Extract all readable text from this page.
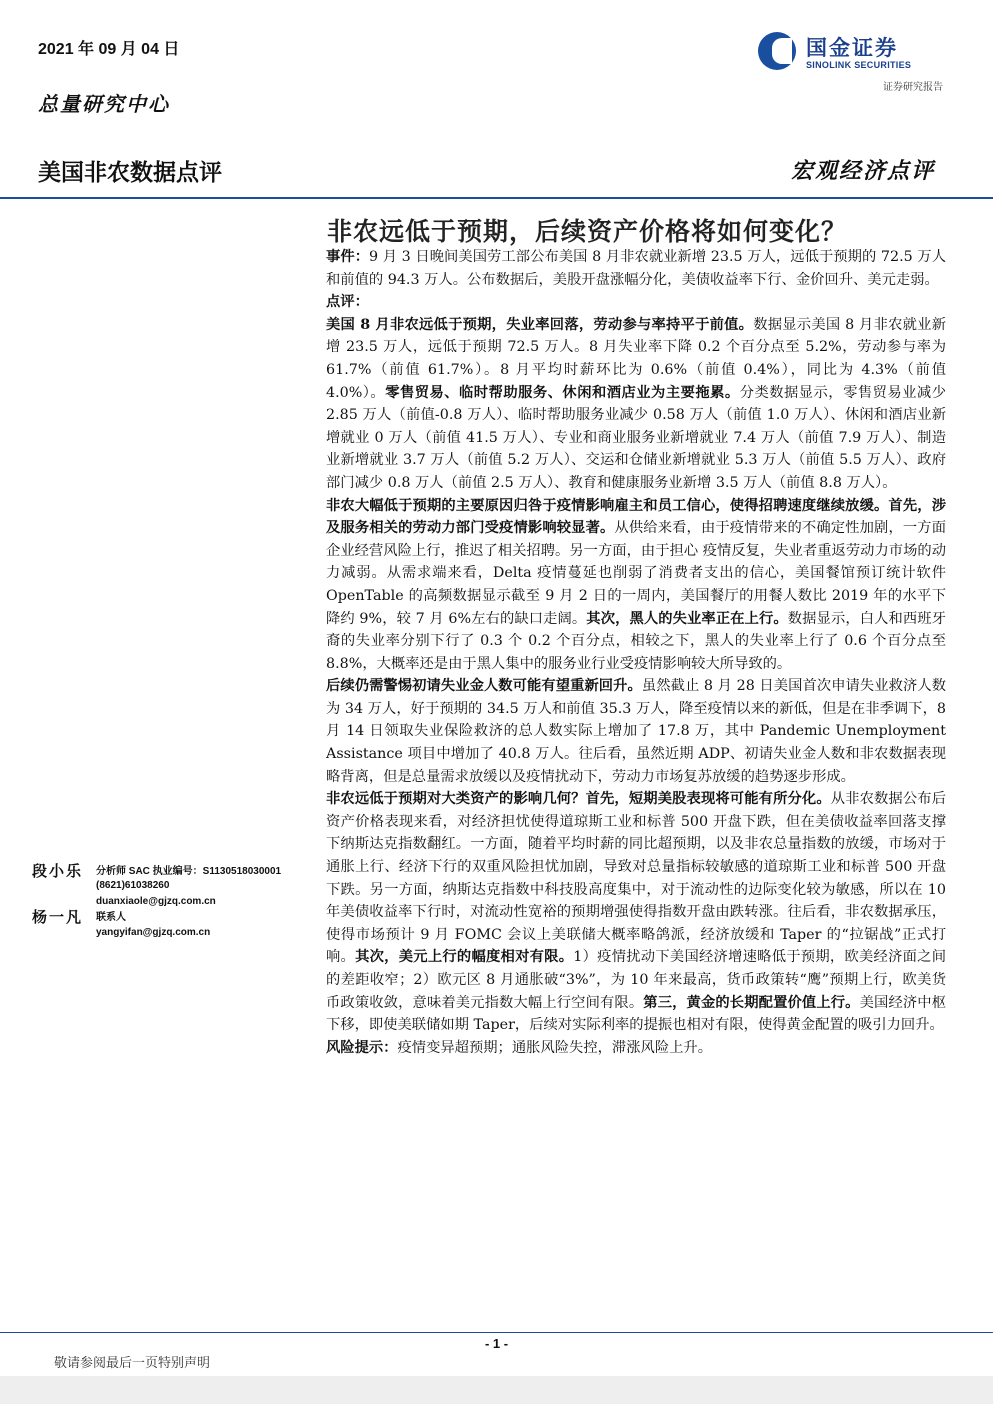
2021 年 09 月 04 日
总量研究中心
国金证券
SINOLINK SECURITIES
证券研究报告
美国非农数据点评	宏观经济点评
非农远低于预期，后续资产价格将如何变化？

事件：9 月 3 日晚间美国劳工部公布美国 8 月非农就业新增 23.5 万人，远低于预期的 72.5 万人和前值的 94.3 万人。公布数据后，美股开盘涨幅分化，美债收益率下行、金价回升、美元走弱。

点评：

美国 8 月非农远低于预期，失业率回落，劳动参与率持平于前值。数据显示美国 8 月非农就业新增 23.5 万人，远低于预期 72.5 万人。8 月失业率下降 0.2 个百分点至 5.2%，劳动参与率为 61.7%（前值 61.7%）。8 月平均时薪环比为 0.6%（前值 0.4%），同比为 4.3%（前值 4.0%）。零售贸易、临时帮助服务、休闲和酒店业为主要拖累。分类数据显示，零售贸易业减少 2.85 万人（前值-0.8 万人）、临时帮助服务业减少 0.58 万人（前值 1.0 万人）、休闲和酒店业新增就业 0 万人（前值 41.5 万人）、专业和商业服务业新增就业 7.4 万人（前值 7.9 万人）、制造业新增就业 3.7 万人（前值 5.2 万人）、交运和仓储业新增就业 5.3 万人（前值 5.5 万人）、政府部门减少 0.8 万人（前值 2.5 万人）、教育和健康服务业新增 3.5 万人（前值 8.8 万人）。

非农大幅低于预期的主要原因归咎于疫情影响雇主和员工信心，使得招聘速度继续放缓。首先，涉及服务相关的劳动力部门受疫情影响较显著。从供给来看，由于疫情带来的不确定性加剧，一方面企业经营风险上行，推迟了相关招聘。另一方面，由于担心 疫情反复，失业者重返劳动力市场的动力减弱。从需求端来看，Delta 疫情蔓延也削弱了消费者支出的信心，美国餐馆预订统计软件 OpenTable 的高频数据显示截至 9 月 2 日的一周内，美国餐厅的用餐人数比 2019 年的水平下降约 9%，较 7 月 6%左右的缺口走阔。其次，黑人的失业率正在上行。数据显示，白人和西班牙裔的失业率分别下行了 0.3 个 0.2 个百分点，相较之下，黑人的失业率上行了 0.6 个百分点至 8.8%，大概率还是由于黑人集中的服务业行业受疫情影响较大所导致的。

后续仍需警惕初请失业金人数可能有望重新回升。虽然截止 8 月 28 日美国首次申请失业救济人数为 34 万人，好于预期的 34.5 万人和前值 35.3 万人，降至疫情以来的新低，但是在非季调下，8 月 14 日领取失业保险救济的总人数实际上增加了 17.8 万，其中 Pandemic Unemployment Assistance 项目中增加了 40.8 万人。往后看，虽然近期 ADP、初请失业金人数和非农数据表现略背离，但是总量需求放缓以及疫情扰动下，劳动力市场复苏放缓的趋势逐步形成。

非农远低于预期对大类资产的影响几何？首先，短期美股表现将可能有所分化。从非农数据公布后资产价格表现来看，对经济担忧使得道琼斯工业和标普 500 开盘下跌，但在美债收益率回落支撑下纳斯达克指数翻红。一方面，随着平均时薪的同比超预期，以及非农总量指数的放缓，市场对于通胀上行、经济下行的双重风险担忧加剧，导致对总量指标较敏感的道琼斯工业和标普 500 开盘下跌。另一方面，纳斯达克指数中科技股高度集中，对于流动性的边际变化较为敏感，所以在 10 年美债收益率下行时，对流动性宽裕的预期增强使得指数开盘由跌转涨。往后看，非农数据承压，使得市场预计 9 月 FOMC 会议上美联储大概率略鸽派，经济放缓和 Taper 的“拉锯战”正式打响。其次，美元上行的幅度相对有限。1）疫情扰动下美国经济增速略低于预期，欧美经济面之间的差距收窄；2）欧元区 8 月通胀破“3%”，为 10 年来最高，货币政策转“鹰”预期上行，欧美货币政策收敛，意味着美元指数大幅上行空间有限。第三，黄金的长期配置价值上行。美国经济中枢下移，即使美联储如期 Taper，后续对实际利率的提振也相对有限，使得黄金配置的吸引力回升。

风险提示：疫情变异超预期；通胀风险失控，滞涨风险上升。

段小乐 分析师 SAC 执业编号：S1130518030001
(8621)61038260
duanxiaole@gjzq.com.cn
杨一凡 联系人
yangyifan@gjzq.com.cn
- 1 -
敬请参阅最后一页特别声明
